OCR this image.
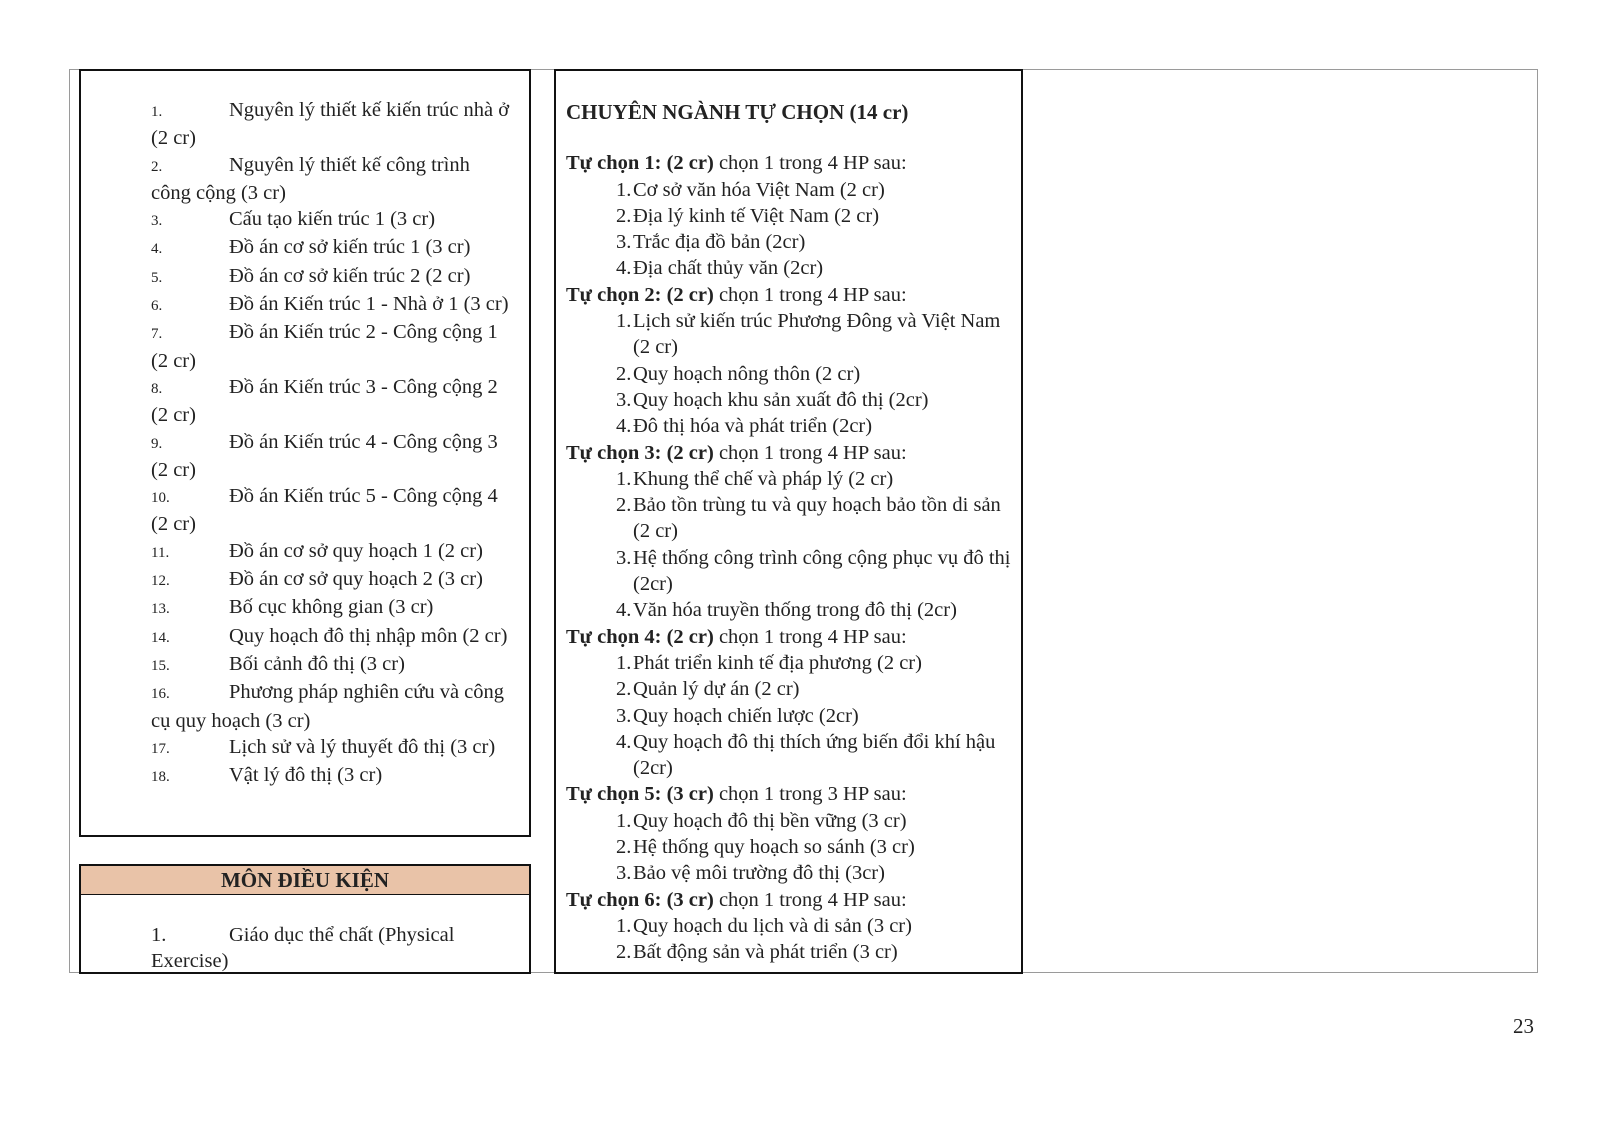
1.	Nguyên lý thiết kế kiến trúc nhà ở (2 cr)
2.	Nguyên lý thiết kế công trình công cộng (3 cr)
3.	Cấu tạo kiến trúc 1 (3 cr)
4.	Đồ án cơ sở kiến trúc 1 (3 cr)
5.	Đồ án cơ sở kiến trúc 2 (2 cr)
6.	Đồ án Kiến trúc 1 - Nhà ở 1 (3 cr)
7.	Đồ án Kiến trúc 2 - Công cộng 1 (2 cr)
8.	Đồ án Kiến trúc 3 - Công cộng 2 (2 cr)
9.	Đồ án Kiến trúc 4 - Công cộng 3 (2 cr)
10.	Đồ án Kiến trúc 5 - Công cộng 4 (2 cr)
11.	Đồ án cơ sở quy hoạch 1 (2 cr)
12.	Đồ án cơ sở quy hoạch 2 (3 cr)
13.	Bố cục không gian (3 cr)
14.	Quy hoạch đô thị nhập môn (2 cr)
15.	Bối cảnh đô thị (3 cr)
16.	Phương pháp nghiên cứu và công cụ quy hoạch (3 cr)
17.	Lịch sử và lý thuyết đô thị (3 cr)
18.	Vật lý đô thị (3 cr)
MÔN ĐIỀU KIỆN
1.	Giáo dục thể chất (Physical Exercise)
CHUYÊN NGÀNH TỰ CHỌN (14 cr)
Tự chọn 1: (2 cr) chọn 1 trong 4 HP sau:
1. Cơ sở văn hóa Việt Nam (2 cr)
2. Địa lý kinh tế Việt Nam (2 cr)
3. Trắc địa đồ bản (2cr)
4. Địa chất thủy văn (2cr)
Tự chọn 2: (2 cr) chọn 1 trong 4 HP sau:
1. Lịch sử kiến trúc Phương Đông và Việt Nam (2 cr)
2. Quy hoạch nông thôn (2 cr)
3. Quy hoạch khu sản xuất đô thị (2cr)
4. Đô thị hóa và phát triển (2cr)
Tự chọn 3: (2 cr) chọn 1 trong 4 HP sau:
1. Khung thể chế và pháp lý (2 cr)
2. Bảo tồn trùng tu và quy hoạch bảo tồn di sản (2 cr)
3. Hệ thống công trình công cộng phục vụ đô thị (2cr)
4. Văn hóa truyền thống trong đô thị (2cr)
Tự chọn 4: (2 cr) chọn 1 trong 4 HP sau:
1. Phát triển kinh tế địa phương (2 cr)
2. Quản lý dự án (2 cr)
3. Quy hoạch chiến lược (2cr)
4. Quy hoạch đô thị thích ứng biến đổi khí hậu (2cr)
Tự chọn 5: (3 cr) chọn 1 trong 3 HP sau:
1. Quy hoạch đô thị bền vững (3 cr)
2. Hệ thống quy hoạch so sánh (3 cr)
3. Bảo vệ môi trường đô thị (3cr)
Tự chọn 6: (3 cr) chọn 1 trong 4 HP sau:
1. Quy hoạch du lịch và di sản (3 cr)
2. Bất động sản và phát triển (3 cr)
23
